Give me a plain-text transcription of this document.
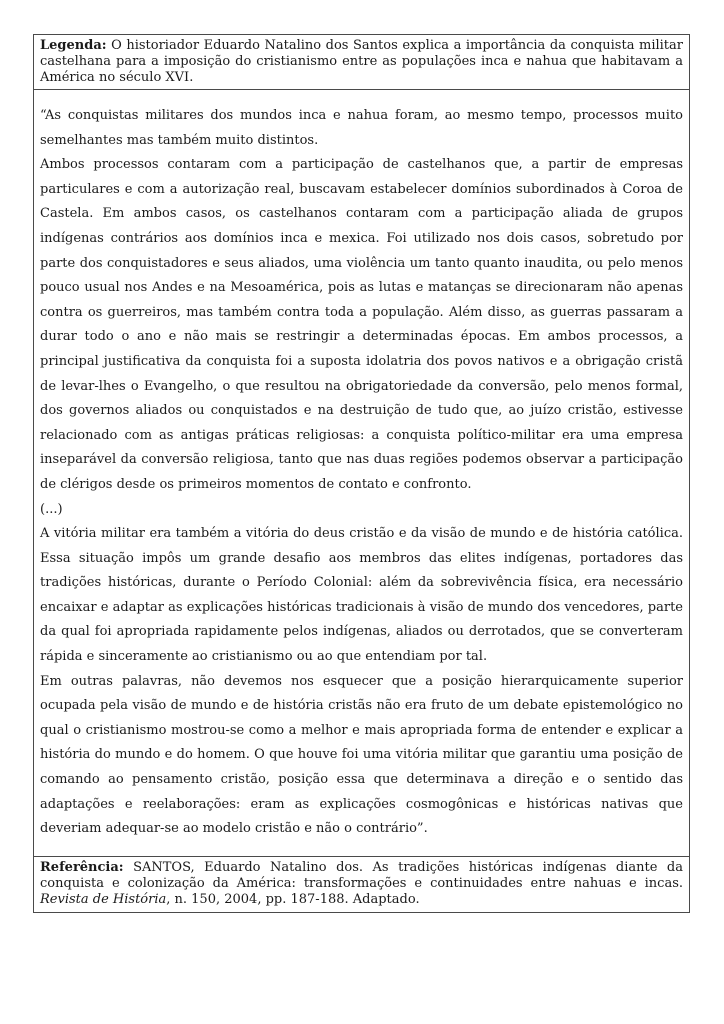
Legenda: O historiador Eduardo Natalino dos Santos explica a importância da conquista militar castelhana para a imposição do cristianismo entre as populações inca e nahua que habitavam a América no século XVI.

“As conquistas militares dos mundos inca e nahua foram, ao mesmo tempo, processos muito semelhantes mas também muito distintos.

Ambos processos contaram com a participação de castelhanos que, a partir de empresas particulares e com a autorização real, buscavam estabelecer domínios subordinados à Coroa de Castela. Em ambos casos, os castelhanos contaram com a participação aliada de grupos indígenas contrários aos domínios inca e mexica. Foi utilizado nos dois casos, sobretudo por parte dos conquistadores e seus aliados, uma violência um tanto quanto inaudita, ou pelo menos pouco usual nos Andes e na Mesoamérica, pois as lutas e matanças se direcionaram não apenas contra os guerreiros, mas também contra toda a população. Além disso, as guerras passaram a durar todo o ano e não mais se restringir a determinadas épocas. Em ambos processos, a principal justificativa da conquista foi a suposta idolatria dos povos nativos e a obrigação cristã de levar-lhes o Evangelho, o que resultou na obrigatoriedade da conversão, pelo menos formal, dos governos aliados ou conquistados e na destruição de tudo que, ao juízo cristão, estivesse relacionado com as antigas práticas religiosas: a conquista político-militar era uma empresa inseparável da conversão religiosa, tanto que nas duas regiões podemos observar a participação de clérigos desde os primeiros momentos de contato e confronto.

(...)

A vitória militar era também a vitória do deus cristão e da visão de mundo e de história católica. Essa situação impôs um grande desafio aos membros das elites indígenas, portadores das tradições históricas, durante o Período Colonial: além da sobrevivência física, era necessário encaixar e adaptar as explicações históricas tradicionais à visão de mundo dos vencedores, parte da qual foi apropriada rapidamente pelos indígenas, aliados ou derrotados, que se converteram rápida e sinceramente ao cristianismo ou ao que entendiam por tal.

Em outras palavras, não devemos nos esquecer que a posição hierarquicamente superior ocupada pela visão de mundo e de história cristãs não era fruto de um debate epistemológico no qual o cristianismo mostrou-se como a melhor e mais apropriada forma de entender e explicar a história do mundo e do homem. O que houve foi uma vitória militar que garantiu uma posição de comando ao pensamento cristão, posição essa que determinava a direção e o sentido das adaptações e reelaborações: eram as explicações cosmogônicas e históricas nativas que deveriam adequar-se ao modelo cristão e não o contrário”.

Referência: SANTOS, Eduardo Natalino dos. As tradições históricas indígenas diante da conquista e colonização da América: transformações e continuidades entre nahuas e incas. Revista de História, n. 150, 2004, pp. 187-188. Adaptado.
